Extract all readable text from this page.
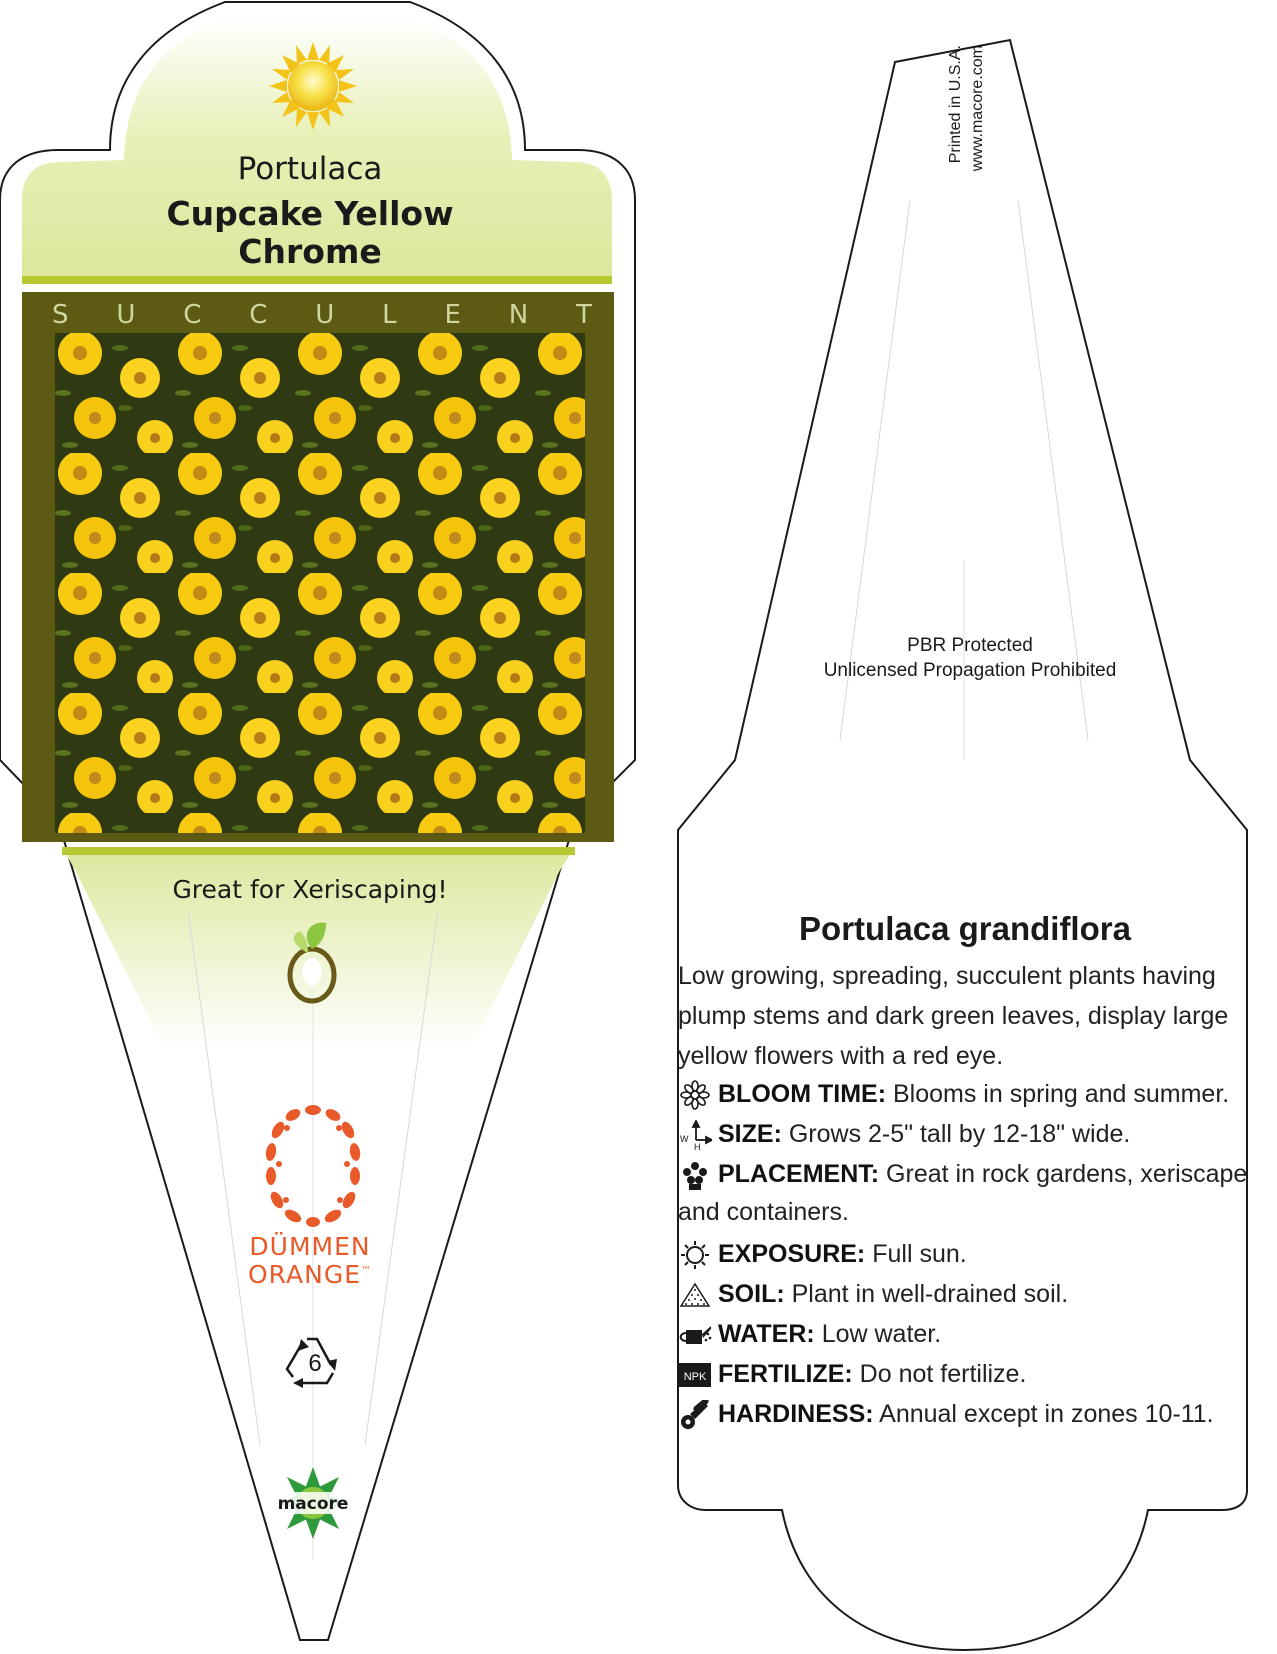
Portulaca
Cupcake Yellow
Chrome
S U C C U L E N T
Great for Xeriscaping!
DÜMMEN
ORANGE™
6
macore
Printed in U.S.A. www.macore.com
PBR Protected
Unlicensed Propagation Prohibited
Portulaca grandiflora
Low growing, spreading, succulent plants having plump stems and dark green leaves, display large yellow flowers with a red eye.
BLOOM TIME: Blooms in spring and summer.
W
H SIZE: Grows 2-5" tall by 12-18" wide.
PLACEMENT: Great in rock gardens, xeriscape and containers.
EXPOSURE: Full sun.
SOIL: Plant in well-drained soil.
WATER: Low water.
NPK FERTILIZE: Do not fertilize.
HARDINESS: Annual except in zones 10-11.
